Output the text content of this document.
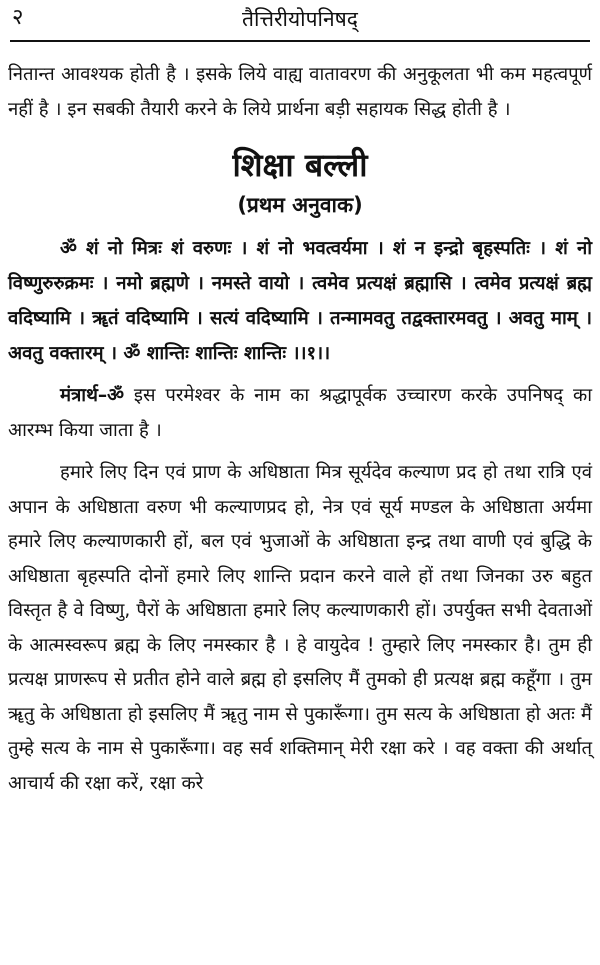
२	तैत्तिरीयोपनिषद्

नितान्त आवश्यक होती है । इसके लिये वाह्य वातावरण की अनुकूलता भी कम महत्वपूर्ण नहीं है । इन सबकी तैयारी करने के लिये प्रार्थना बड़ी सहायक सिद्ध होती है ।

शिक्षा बल्ली
(प्रथम अनुवाक)

ॐ शं नो मित्रः शं वरुणः । शं नो भवत्वर्यमा । शं न इन्द्रो बृहस्पतिः । शं नो विष्णुरुरुक्रमः । नमो ब्रह्मणे । नमस्ते वायो । त्वमेव प्रत्यक्षं ब्रह्मासि । त्वमेव प्रत्यक्षं ब्रह्म वदिष्यामि । ॠतं वदिष्यामि । सत्यं वदिष्यामि । तन्मामवतु तद्वक्तारमवतु । अवतु माम् । अवतु वक्तारम् । ॐ शान्तिः शान्तिः शान्तिः ।।१।।

मंत्रार्थ–ॐ इस परमेश्वर के नाम का श्रद्धापूर्वक उच्चारण करके उपनिषद् का आरम्भ किया जाता है ।

हमारे लिए दिन एवं प्राण के अधिष्ठाता मित्र सूर्यदेव कल्याण प्रद हो तथा रात्रि एवं अपान के अधिष्ठाता वरुण भी कल्याणप्रद हो, नेत्र एवं सूर्य मण्डल के अधिष्ठाता अर्यमा हमारे लिए कल्याणकारी हों, बल एवं भुजाओं के अधिष्ठाता इन्द्र तथा वाणी एवं बुद्धि के अधिष्ठाता बृहस्पति दोनों हमारे लिए शान्ति प्रदान करने वाले हों तथा जिनका उरु बहुत विस्तृत है वे विष्णु, पैरों के अधिष्ठाता हमारे लिए कल्याणकारी हों। उपर्युक्त सभी देवताओं के आत्मस्वरूप ब्रह्म के लिए नमस्कार है । हे वायुदेव ! तुम्हारे लिए नमस्कार है। तुम ही प्रत्यक्ष प्राणरूप से प्रतीत होने वाले ब्रह्म हो इसलिए मैं तुमको ही प्रत्यक्ष ब्रह्म कहूँगा । तुम ॠतु के अधिष्ठाता हो इसलिए मैं ॠतु नाम से पुकारूँगा। तुम सत्य के अधिष्ठाता हो अतः मैं तुम्हे सत्य के नाम से पुकारूँगा। वह सर्व शक्तिमान् मेरी रक्षा करे । वह वक्ता की अर्थात् आचार्य की रक्षा करें, रक्षा करे
